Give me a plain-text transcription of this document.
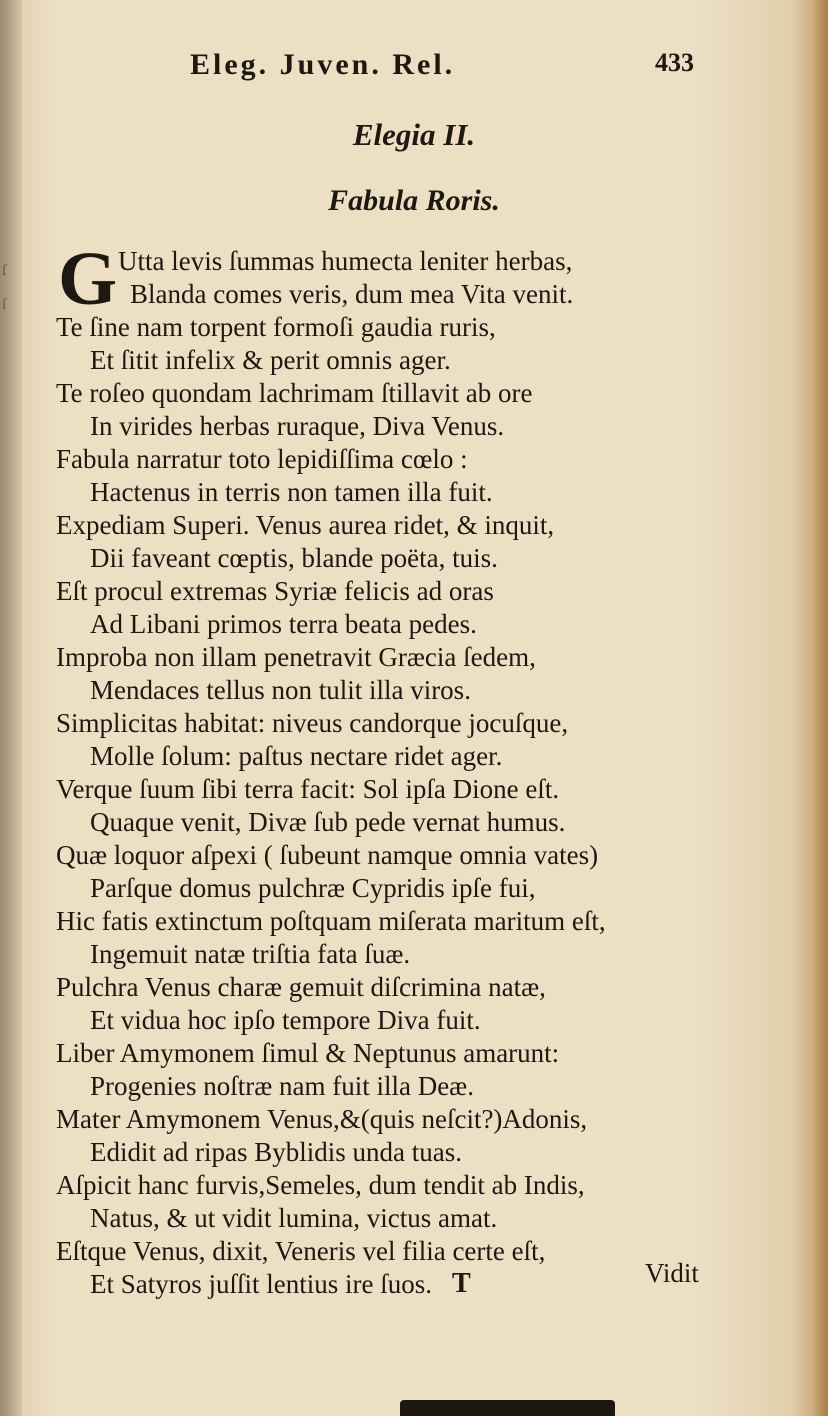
Eleg. Juven. Rel.	433
Elegia II.
Fabula Roris.
G Utta levis ſummas humecta leniter herbas,
Blanda comes veris, dum mea Vita venit.
Te ſine nam torpent formoſi gaudia ruris,
Et ſitit infelix & perit omnis ager.
Te roſeo quondam lachrimam ſtillavit ab ore
In virides herbas ruraque, Diva Venus.
Fabula narratur toto lepidiſſima cœlo :
Hactenus in terris non tamen illa fuit.
Expediam Superi. Venus aurea ridet, & inquit,
Dii faveant cœptis, blande poëta, tuis.
Eſt procul extremas Syriæ felicis ad oras
Ad Libani primos terra beata pedes.
Improba non illam penetravit Græcia ſedem,
Mendaces tellus non tulit illa viros.
Simplicitas habitat: niveus candorque jocuſque,
Molle ſolum: paſtus nectare ridet ager.
Verque ſuum ſibi terra facit: Sol ipſa Dione eſt.
Quaque venit, Divæ ſub pede vernat humus.
Quæ loquor aſpexi ( ſubeunt namque omnia vates)
Parſque domus pulchræ Cypridis ipſe fui,
Hic fatis extinctum poſtquam miſerata maritum eſt,
Ingemuit natæ triſtia fata ſuæ.
Pulchra Venus charæ gemuit diſcrimina natæ,
Et vidua hoc ipſo tempore Diva fuit.
Liber Amymonem ſimul & Neptunus amarunt:
Progenies noſtræ nam fuit illa Deæ.
Mater Amymonem Venus,&(quis neſcit?)Adonis,
Edidit ad ripas Byblidis unda tuas.
Aſpicit hanc furvis,Semeles, dum tendit ab Indis,
Natus, & ut vidit lumina, victus amat.
Eſtque Venus, dixit, Veneris vel filia certe eſt,
Et Satyros juſſit lentius ire ſuos. T	Vidit
ſ
ſ
